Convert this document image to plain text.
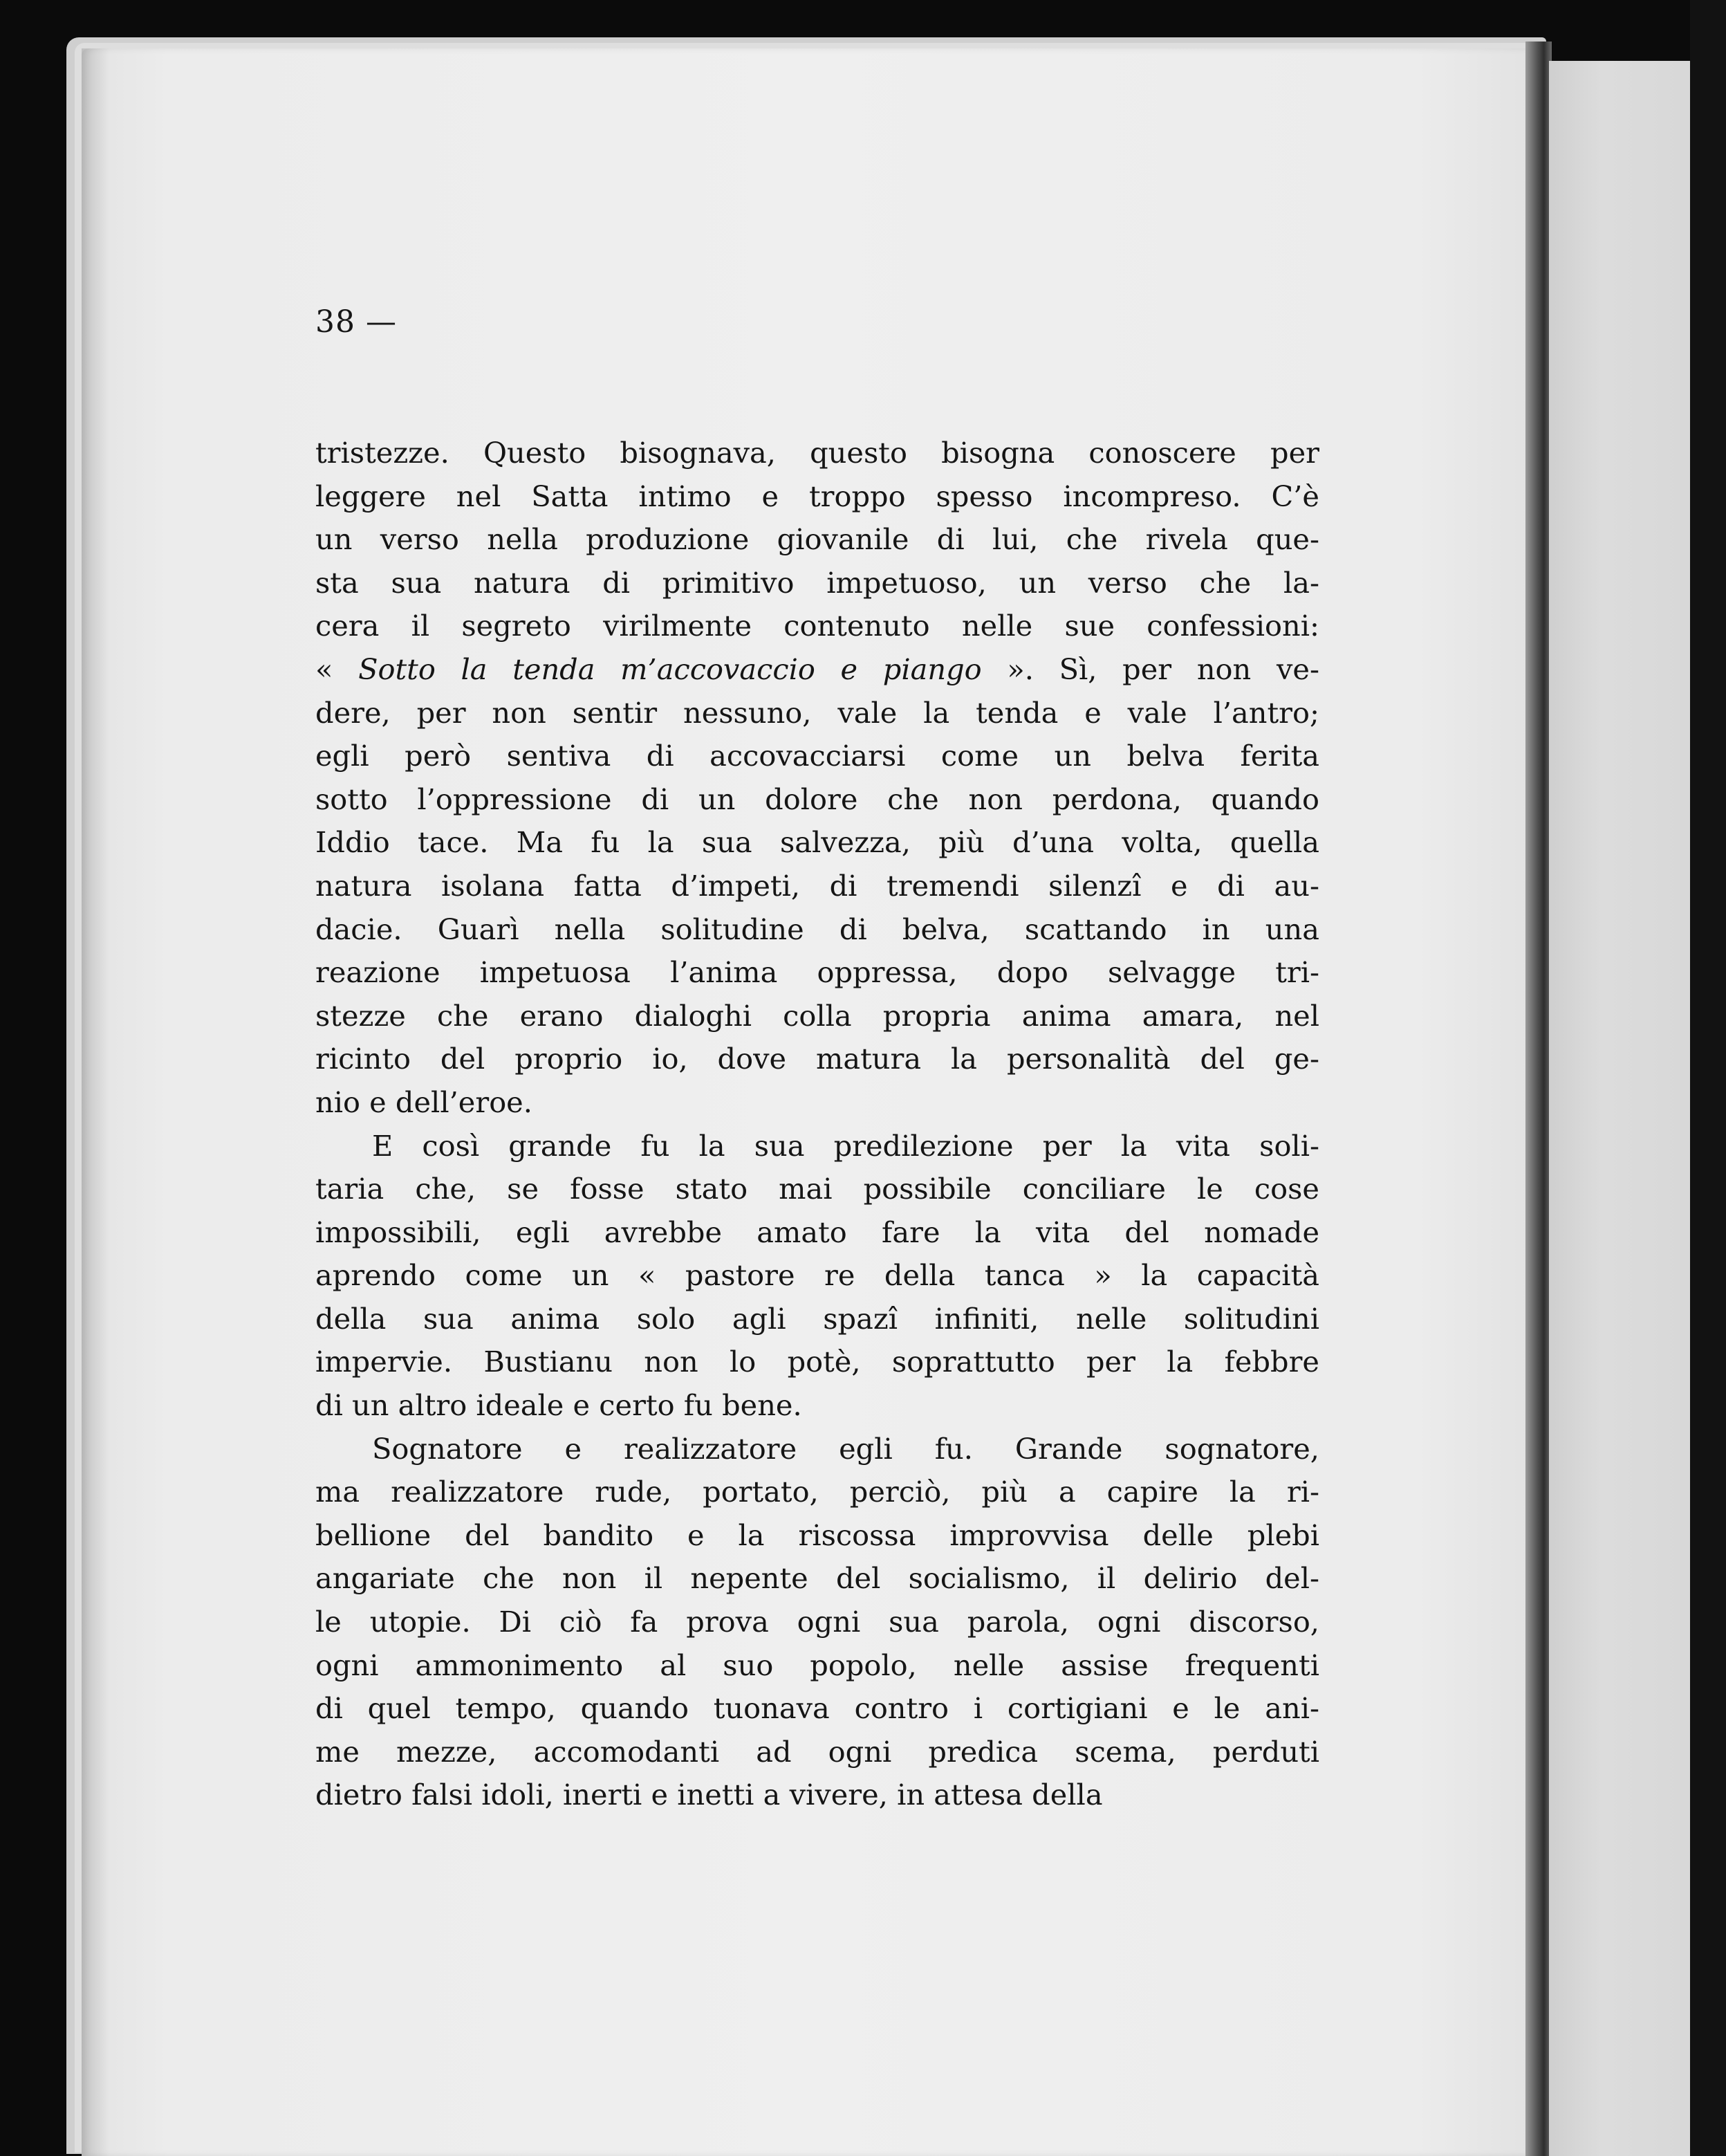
38 —

tristezze. Questo bisognava, questo bisogna conoscere per
leggere nel Satta intimo e troppo spesso incompreso. C’è
un verso nella produzione giovanile di lui, che rivela que-
sta sua natura di primitivo impetuoso, un verso che la-
cera il segreto virilmente contenuto nelle sue confessioni:
« Sotto la tenda m’accovaccio e piango ». Sì, per non ve-
dere, per non sentir nessuno, vale la tenda e vale l’antro;
egli però sentiva di accovacciarsi come un belva ferita
sotto l’oppressione di un dolore che non perdona, quando
Iddio tace. Ma fu la sua salvezza, più d’una volta, quella
natura isolana fatta d’impeti, di tremendi silenzî e di au-
dacie. Guarì nella solitudine di belva, scattando in una
reazione impetuosa l’anima oppressa, dopo selvagge tri-
stezze che erano dialoghi colla propria anima amara, nel
ricinto del proprio io, dove matura la personalità del ge-
nio e dell’eroe.
E così grande fu la sua predilezione per la vita soli-
taria che, se fosse stato mai possibile conciliare le cose
impossibili, egli avrebbe amato fare la vita del nomade
aprendo come un « pastore re della tanca » la capacità
della sua anima solo agli spazî infiniti, nelle solitudini
impervie. Bustianu non lo potè, soprattutto per la febbre
di un altro ideale e certo fu bene.
Sognatore e realizzatore egli fu. Grande sognatore,
ma realizzatore rude, portato, perciò, più a capire la ri-
bellione del bandito e la riscossa improvvisa delle plebi
angariate che non il nepente del socialismo, il delirio del-
le utopie. Di ciò fa prova ogni sua parola, ogni discorso,
ogni ammonimento al suo popolo, nelle assise frequenti
di quel tempo, quando tuonava contro i cortigiani e le ani-
me mezze, accomodanti ad ogni predica scema, perduti
dietro falsi idoli, inerti e inetti a vivere, in attesa della
